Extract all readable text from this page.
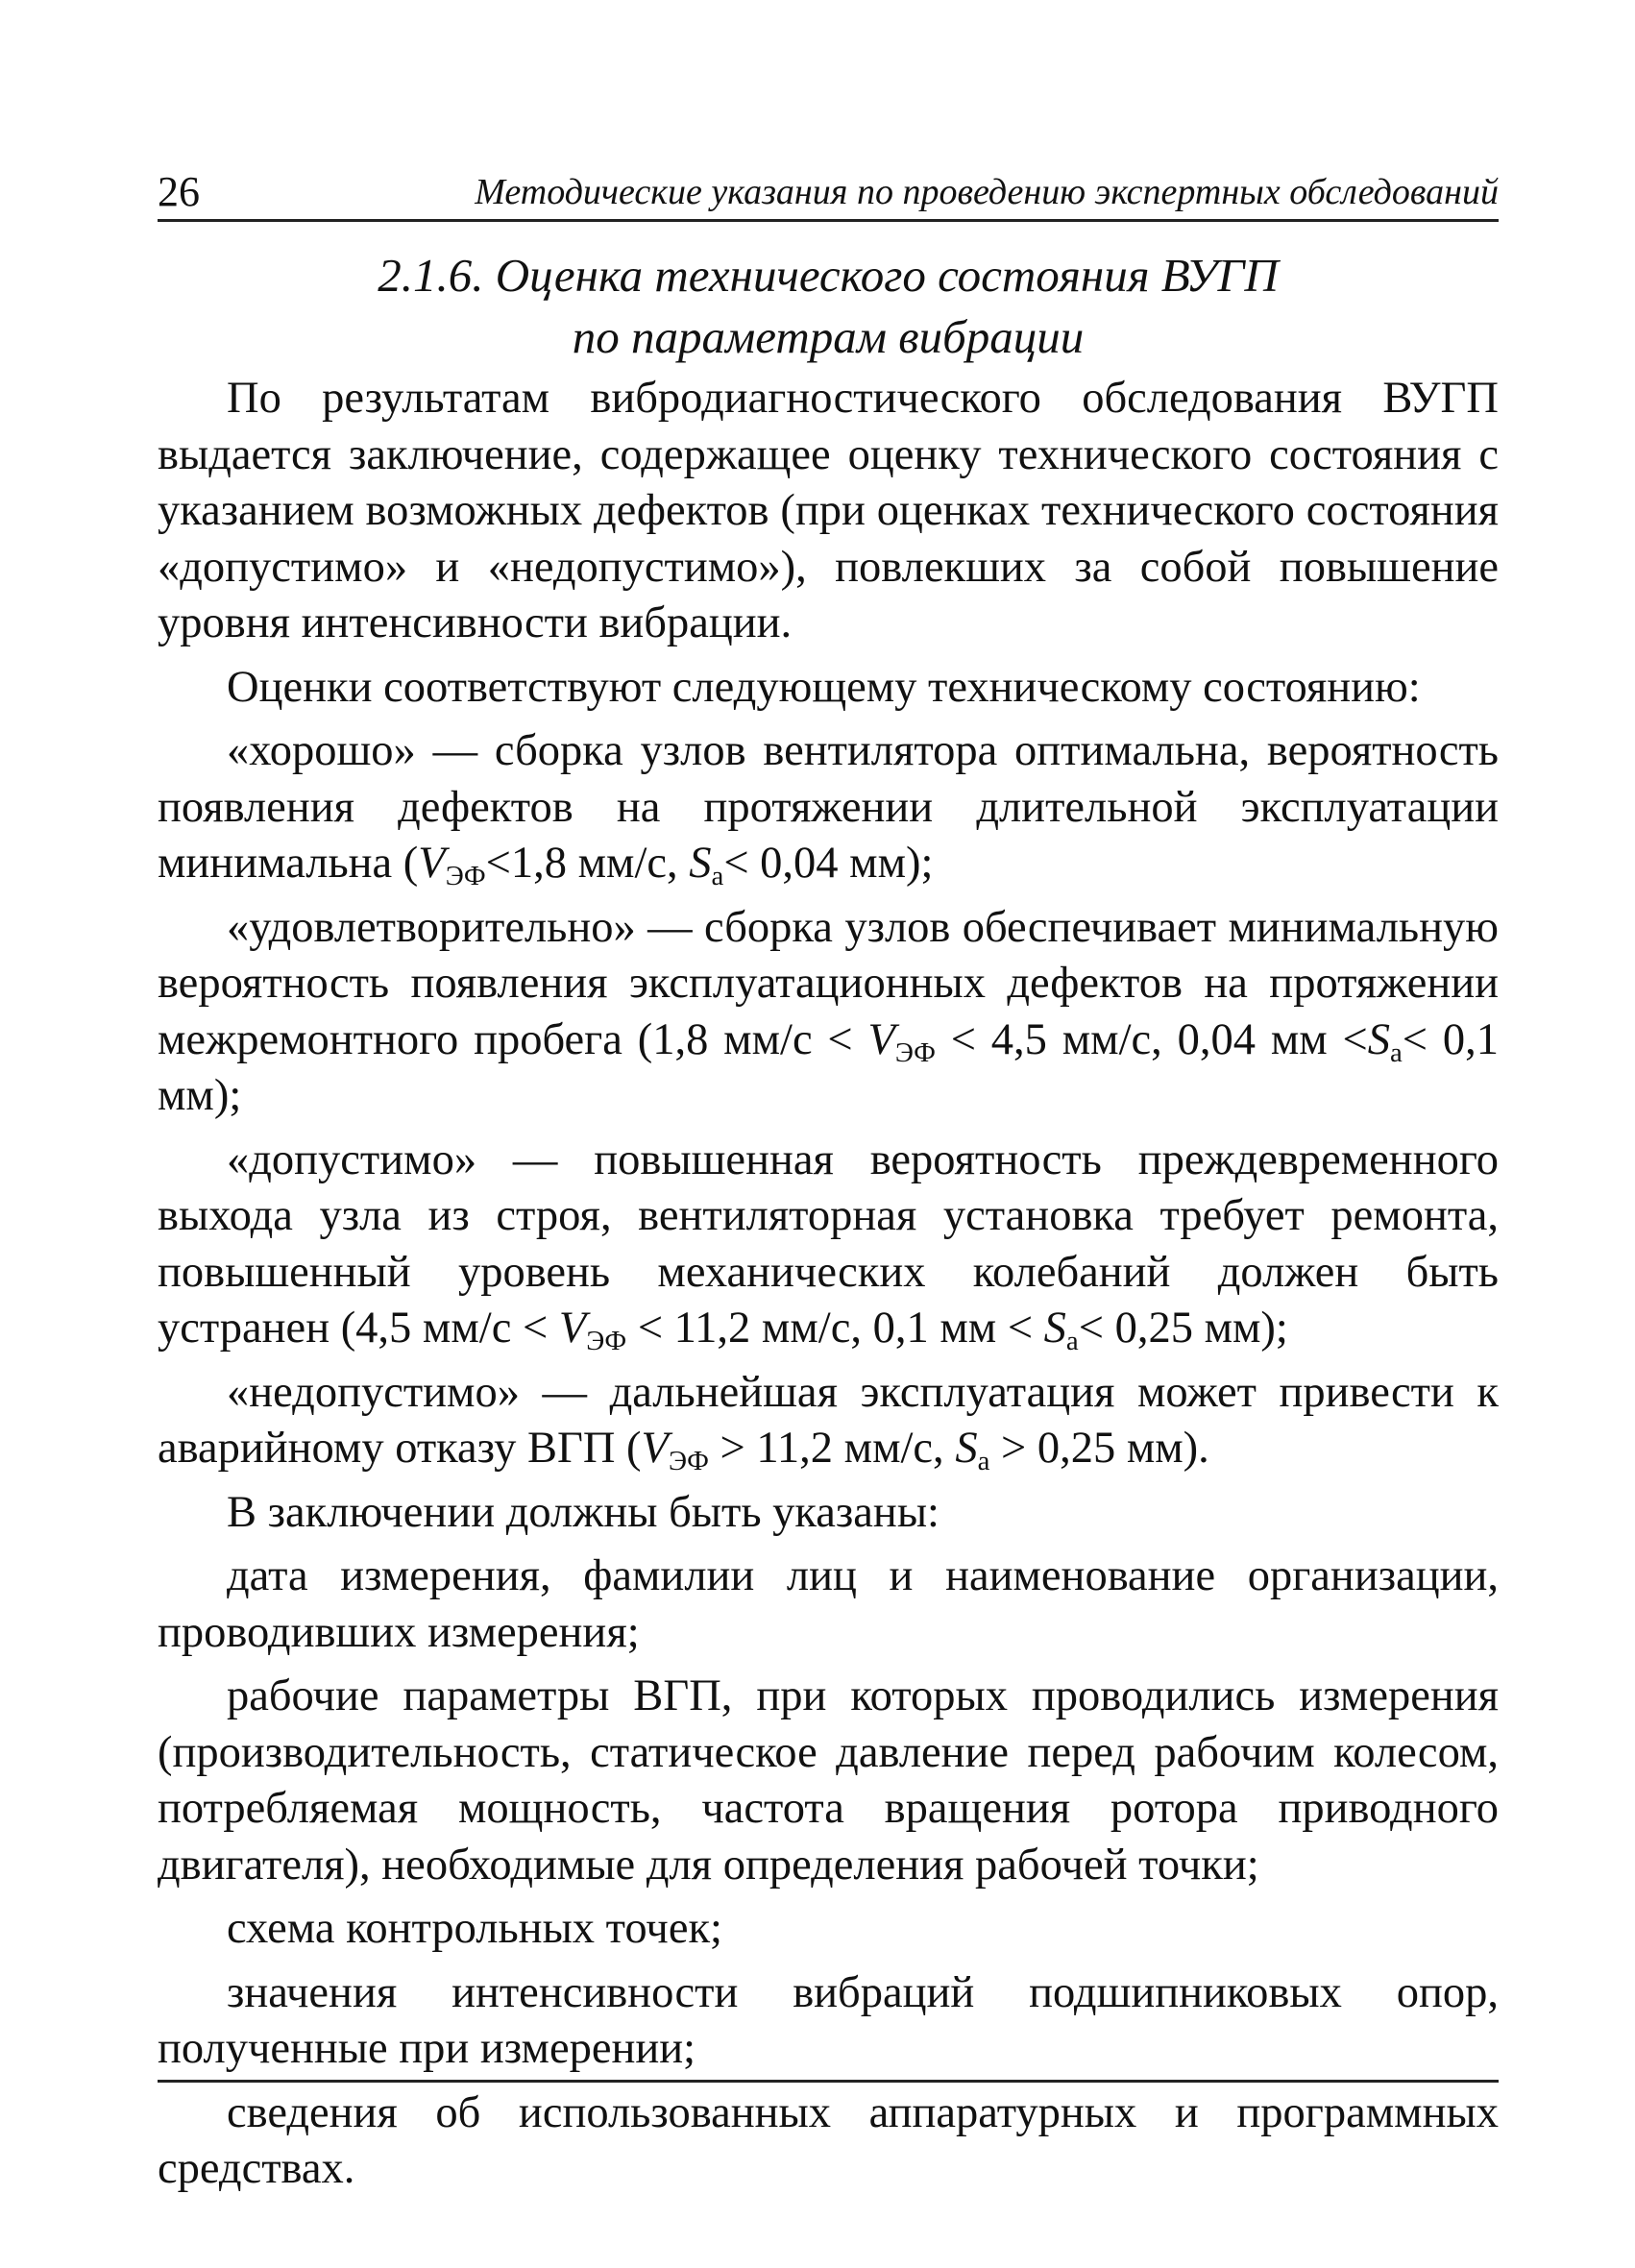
26	Методические указания по проведению экспертных обследований
2.1.6. Оценка технического состояния ВУГП
по параметрам вибрации

По результатам вибродиагностического обследования ВУГП выдается заключение, содержащее оценку технического состояния с указанием возможных дефектов (при оценках технического состояния «допустимо» и «недопустимо»), повлекших за собой повышение уровня интенсивности вибрации.

Оценки соответствуют следующему техническому состоянию:

«хорошо» — сборка узлов вентилятора оптимальна, вероятность появления дефектов на протяжении длительной эксплуатации минимальна ($V_{ЭФ}<1,8$ мм/с, $S_а< 0,04$ мм);

«удовлетворительно» — сборка узлов обеспечивает минимальную вероятность появления эксплуатационных дефектов на протяжении межремонтного пробега (1,8 $мм/с < V_{ЭФ} < 4,5$ мм/с, 0,04 мм $<S_а< 0,1$ мм);

«допустимо» — повышенная вероятность преждевременного выхода узла из строя, вентиляторная установка требует ремонта, повышенный уровень механических колебаний должен быть устранен (4,5 $мм/с < V_{ЭФ} < 11,2$ мм/с, 0,1 мм < $S_а< 0,25$ мм);

«недопустимо» — дальнейшая эксплуатация может привести к аварийному отказу ВГП ($V_{ЭФ} > 11,2$ мм/с, $S_а > 0,25$ мм).

В заключении должны быть указаны:

дата измерения, фамилии лиц и наименование организации, проводивших измерения;

рабочие параметры ВГП, при которых проводились измерения (производительность, статическое давление перед рабочим колесом, потребляемая мощность, частота вращения ротора приводного двигателя), необходимые для определения рабочей точки;

схема контрольных точек;

значения интенсивности вибраций подшипниковых опор, полученные при измерении;

сведения об использованных аппаратурных и программных средствах.
